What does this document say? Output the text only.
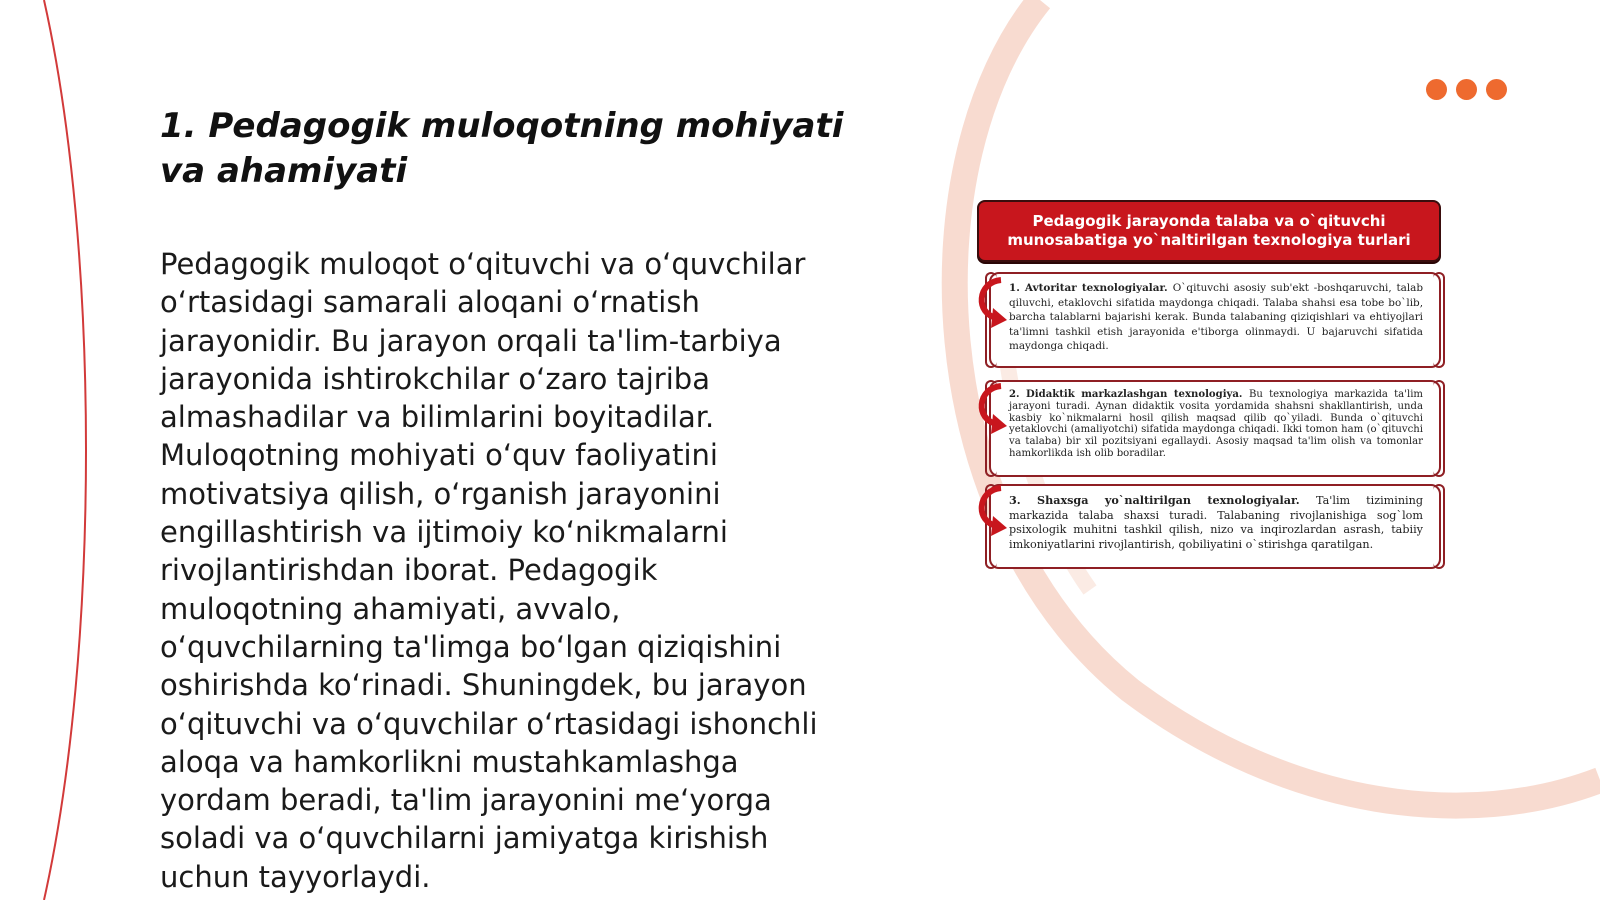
1. Pedagogik muloqotning mohiyati va ahamiyati

Pedagogik muloqot o‘qituvchi va o‘quvchilar o‘rtasidagi samarali aloqani o‘rnatish jarayonidir. Bu jarayon orqali ta'lim-tarbiya jarayonida ishtirokchilar o‘zaro tajriba almashadilar va bilimlarini boyitadilar. Muloqotning mohiyati o‘quv faoliyatini motivatsiya qilish, o‘rganish jarayonini engillashtirish va ijtimoiy ko‘nikmalarni rivojlantirishdan iborat. Pedagogik muloqotning ahamiyati, avvalo, o‘quvchilarning ta'limga bo‘lgan qiziqishini oshirishda ko‘rinadi. Shuningdek, bu jarayon o‘qituvchi va o‘quvchilar o‘rtasidagi ishonchli aloqa va hamkorlikni mustahkamlashga yordam beradi, ta'lim jarayonini me‘yorga soladi va o‘quvchilarni jamiyatga kirishish uchun tayyorlaydi.

Pedagogik jarayonda talaba va o`qituvchi munosabatiga yo`naltirilgan texnologiya turlari
1. Avtoritar texnologiyalar. O`qituvchi asosiy sub'ekt -boshqaruvchi, talab qiluvchi, etaklovchi sifatida maydonga chiqadi. Talaba shahsi esa tobe bo`lib, barcha talablarni bajarishi kerak. Bunda talabaning qiziqishlari va ehtiyojlari ta'limni tashkil etish jarayonida e'tiborga olinmaydi. U bajaruvchi sifatida maydonga chiqadi.
2. Didaktik markazlashgan texnologiya. Bu texnologiya markazida ta'lim jarayoni turadi. Aynan didaktik vosita yordamida shahsni shakllantirish, unda kasbiy ko`nikmalarni hosil qilish maqsad qilib qo`yiladi. Bunda o`qituvchi yetaklovchi (amaliyotchi) sifatida maydonga chiqadi. Ikki tomon ham (o`qituvchi va talaba) bir xil pozitsiyani egallaydi. Asosiy maqsad ta'lim olish va tomonlar hamkorlikda ish olib boradilar.
3. Shaxsga yo`naltirilgan texnologiyalar. Ta'lim tizimining markazida talaba shaxsi turadi. Talabaning rivojlanishiga sog`lom psixologik muhitni tashkil qilish, nizo va inqirozlardan asrash, tabiiy imkoniyatlarini rivojlantirish, qobiliyatini o`stirishga qaratilgan.
